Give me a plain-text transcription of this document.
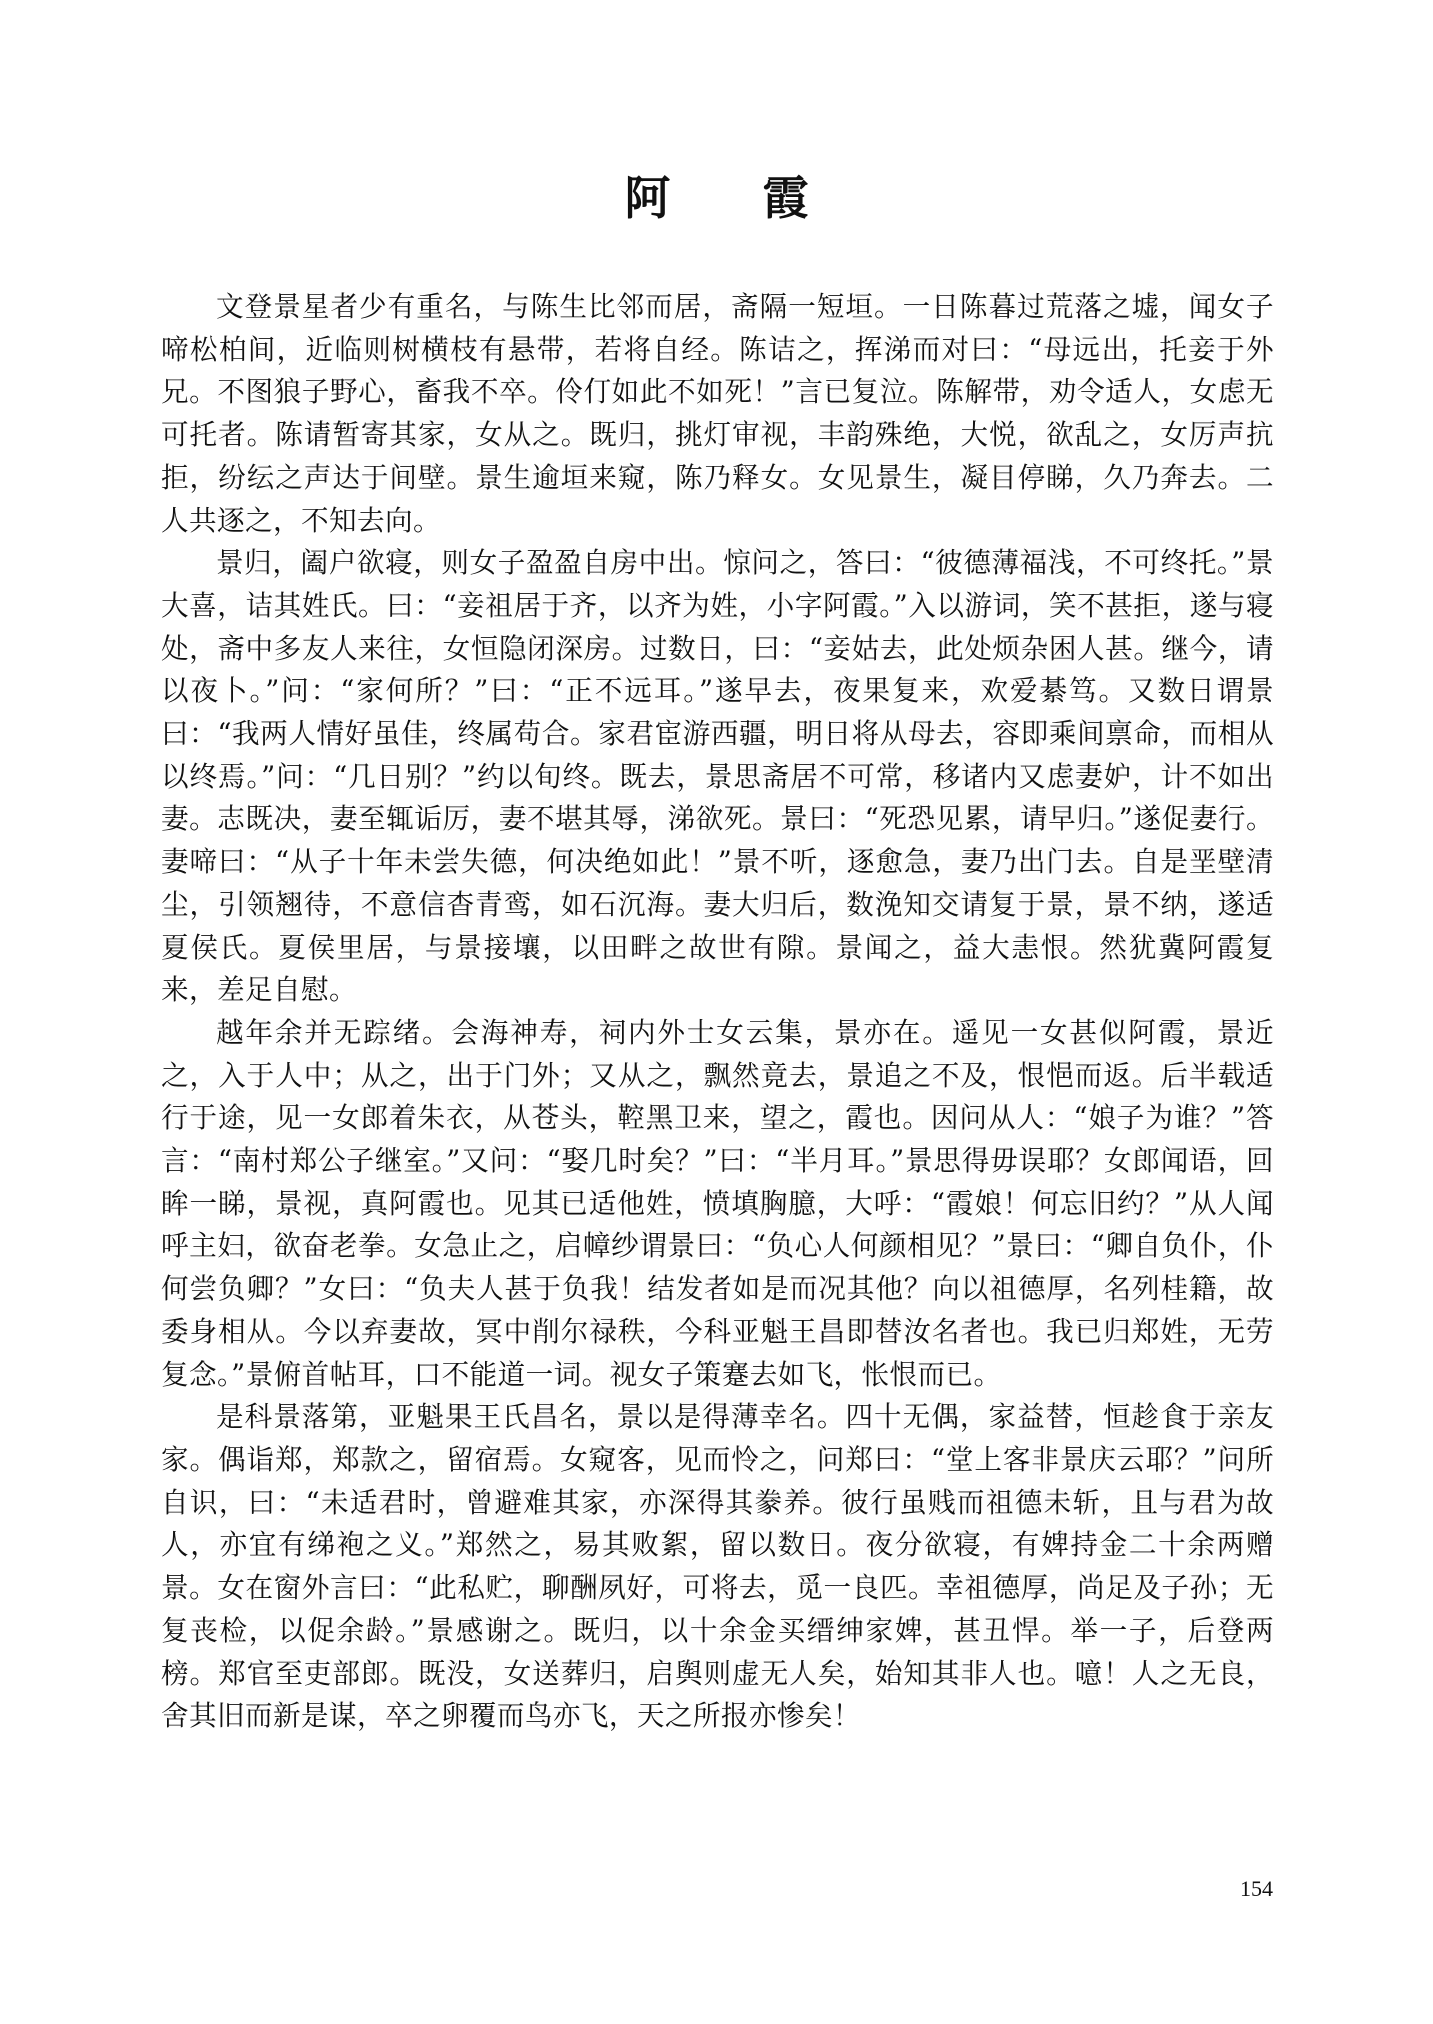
阿 霞

文登景星者少有重名，与陈生比邻而居，斋隔一短垣。一日陈暮过荒落之墟，闻女子啼松柏间，近临则树横枝有悬带，若将自经。陈诘之，挥涕而对曰：“母远出，托妾于外兄。不图狼子野心，畜我不卒。伶仃如此不如死！”言已复泣。陈解带，劝令适人，女虑无可托者。陈请暂寄其家，女从之。既归，挑灯审视，丰韵殊绝，大悦，欲乱之，女厉声抗拒，纷纭之声达于间壁。景生逾垣来窥，陈乃释女。女见景生，凝目停睇，久乃奔去。二人共逐之，不知去向。

景归，阖户欲寝，则女子盈盈自房中出。惊问之，答曰：“彼德薄福浅，不可终托。”景大喜，诘其姓氏。曰：“妾祖居于齐，以齐为姓，小字阿霞。”入以游词，笑不甚拒，遂与寝处，斋中多友人来往，女恒隐闭深房。过数日，曰：“妾姑去，此处烦杂困人甚。继今，请以夜卜。”问：“家何所？”曰：“正不远耳。”遂早去，夜果复来，欢爱綦笃。又数日谓景曰：“我两人情好虽佳，终属苟合。家君宦游西疆，明日将从母去，容即乘间禀命，而相从以终焉。”问：“几日别？”约以旬终。既去，景思斋居不可常，移诸内又虑妻妒，计不如出妻。志既决，妻至辄诟厉，妻不堪其辱，涕欲死。景曰：“死恐见累，请早归。”遂促妻行。妻啼曰：“从子十年未尝失德，何决绝如此！”景不听，逐愈急，妻乃出门去。自是垩壁清尘，引领翘待，不意信杳青鸾，如石沉海。妻大归后，数浼知交请复于景，景不纳，遂适夏侯氏。夏侯里居，与景接壤，以田畔之故世有隙。景闻之，益大恚恨。然犹冀阿霞复来，差足自慰。

越年余并无踪绪。会海神寿，祠内外士女云集，景亦在。遥见一女甚似阿霞，景近之，入于人中；从之，出于门外；又从之，飘然竟去，景追之不及，恨悒而返。后半载适行于途，见一女郎着朱衣，从苍头，鞚黑卫来，望之，霞也。因问从人：“娘子为谁？”答言：“南村郑公子继室。”又问：“娶几时矣？”曰：“半月耳。”景思得毋误耶？女郎闻语，回眸一睇，景视，真阿霞也。见其已适他姓，愤填胸臆，大呼：“霞娘！何忘旧约？”从人闻呼主妇，欲奋老拳。女急止之，启幛纱谓景曰：“负心人何颜相见？”景曰：“卿自负仆，仆何尝负卿？”女曰：“负夫人甚于负我！结发者如是而况其他？向以祖德厚，名列桂籍，故委身相从。今以弃妻故，冥中削尔禄秩，今科亚魁王昌即替汝名者也。我已归郑姓，无劳复念。”景俯首帖耳，口不能道一词。视女子策蹇去如飞，怅恨而已。

是科景落第，亚魁果王氏昌名，景以是得薄幸名。四十无偶，家益替，恒趁食于亲友家。偶诣郑，郑款之，留宿焉。女窥客，见而怜之，问郑曰：“堂上客非景庆云耶？”问所自识，曰：“未适君时，曾避难其家，亦深得其豢养。彼行虽贱而祖德未斩，且与君为故人，亦宜有绨袍之义。”郑然之，易其败絮，留以数日。夜分欲寝，有婢持金二十余两赠景。女在窗外言曰：“此私贮，聊酬夙好，可将去，觅一良匹。幸祖德厚，尚足及子孙；无复丧检，以促余龄。”景感谢之。既归，以十余金买缙绅家婢，甚丑悍。举一子，后登两榜。郑官至吏部郎。既没，女送葬归，启舆则虚无人矣，始知其非人也。噫！人之无良，舍其旧而新是谋，卒之卵覆而鸟亦飞，天之所报亦惨矣！

154
